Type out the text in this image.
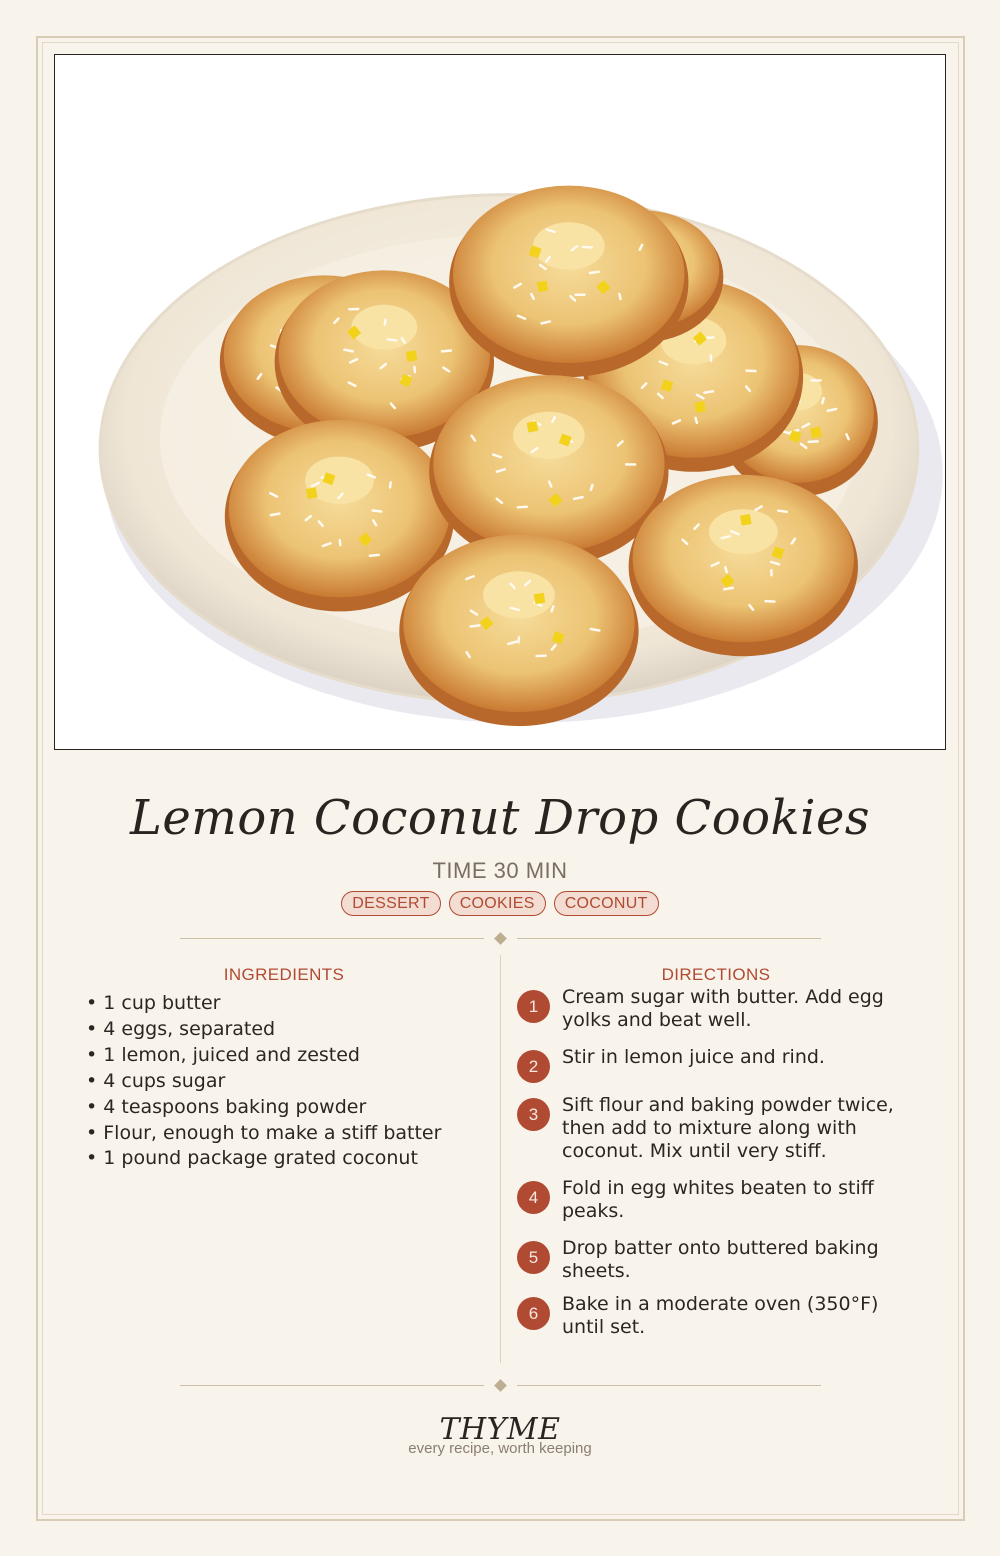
Lemon Coconut Drop Cookies
TIME 30 MIN
DESSERT	COOKIES	COCONUT
INGREDIENTS
• 1 cup butter
• 4 eggs, separated
• 1 lemon, juiced and zested
• 4 cups sugar
• 4 teaspoons baking powder
• Flour, enough to make a stiff batter
• 1 pound package grated coconut
DIRECTIONS
1	Cream sugar with butter. Add egg yolks and beat well.
2	Stir in lemon juice and rind.
3	Sift flour and baking powder twice, then add to mixture along with coconut. Mix until very stiff.
4	Fold in egg whites beaten to stiff peaks.
5	Drop batter onto buttered baking sheets.
6	Bake in a moderate oven (350°F) until set.
THYME
every recipe, worth keeping
